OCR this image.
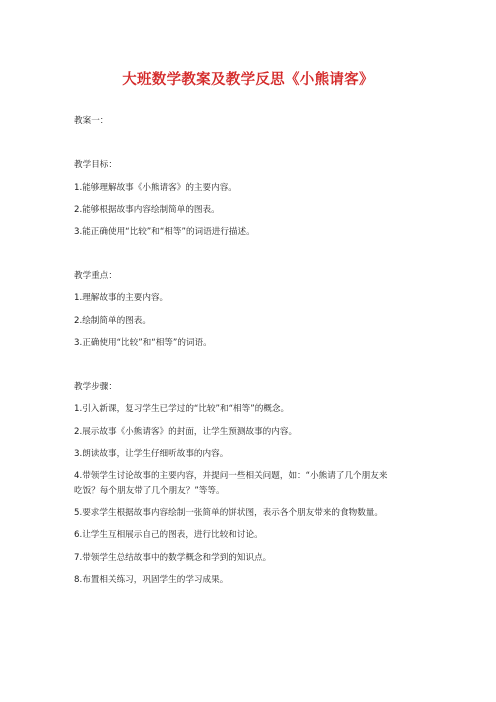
大班数学教案及教学反思《小熊请客》
教案一：
教学目标：
1.能够理解故事《小熊请客》的主要内容。
2.能够根据故事内容绘制简单的图表。
3.能正确使用“比较”和“相等”的词语进行描述。
教学重点：
1.理解故事的主要内容。
2.绘制简单的图表。
3.正确使用“比较”和“相等”的词语。
教学步骤：
1.引入新课，复习学生已学过的“比较”和“相等”的概念。
2.展示故事《小熊请客》的封面，让学生预测故事的内容。
3.朗读故事，让学生仔细听故事的内容。
4.带领学生讨论故事的主要内容，并提问一些相关问题，如：“小熊请了几个朋友来
吃饭？每个朋友带了几个朋友？”等等。
5.要求学生根据故事内容绘制一张简单的饼状图，表示各个朋友带来的食物数量。
6.让学生互相展示自己的图表，进行比较和讨论。
7.带领学生总结故事中的数学概念和学到的知识点。
8.布置相关练习，巩固学生的学习成果。
